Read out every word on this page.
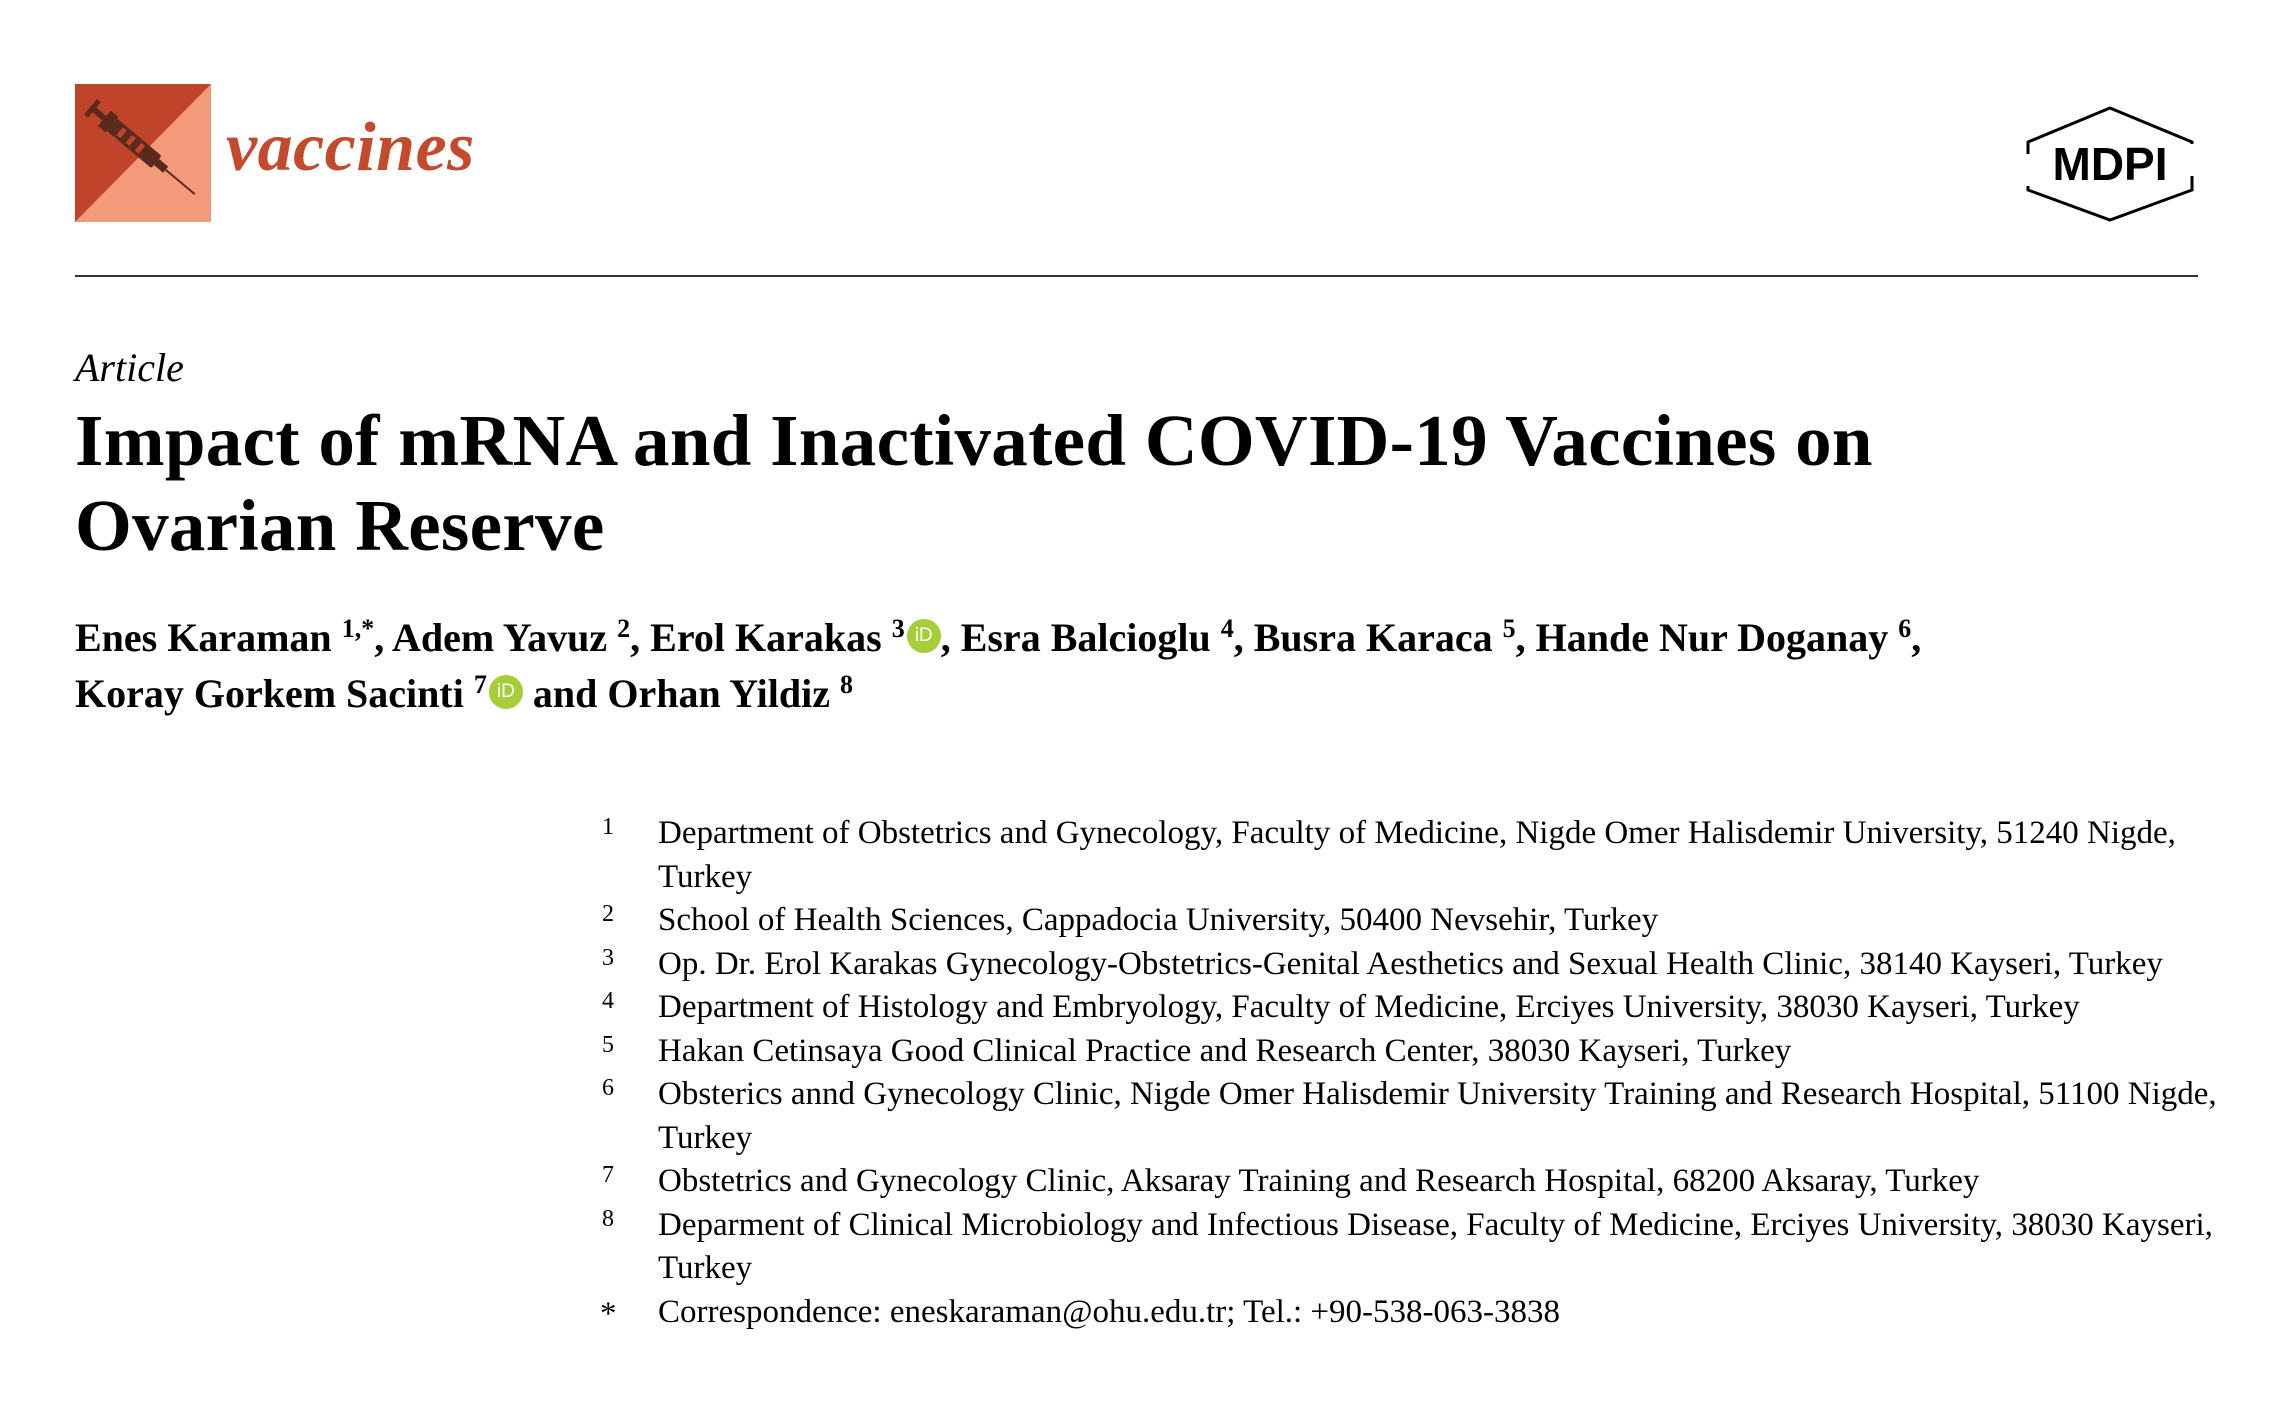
vaccines	MDPI
Article
Impact of mRNA and Inactivated COVID-19 Vaccines on Ovarian Reserve
Enes Karaman $^{1,*}$, Adem Yavuz $^2$, Erol Karakas $^3$ iD , Esra Balcioglu $^4$, Busra Karaca $^5$, Hande Nur Doganay $^6$,
Koray Gorkem Sacinti $^7$ iD and Orhan Yildiz $^8$
1 Department of Obstetrics and Gynecology, Faculty of Medicine, Nigde Omer Halisdemir University, 51240 Nigde, Turkey
2 School of Health Sciences, Cappadocia University, 50400 Nevsehir, Turkey
3 Op. Dr. Erol Karakas Gynecology-Obstetrics-Genital Aesthetics and Sexual Health Clinic, 38140 Kayseri, Turkey
4 Department of Histology and Embryology, Faculty of Medicine, Erciyes University, 38030 Kayseri, Turkey
5 Hakan Cetinsaya Good Clinical Practice and Research Center, 38030 Kayseri, Turkey
6 Obsterics annd Gynecology Clinic, Nigde Omer Halisdemir University Training and Research Hospital, 51100 Nigde, Turkey
7 Obstetrics and Gynecology Clinic, Aksaray Training and Research Hospital, 68200 Aksaray, Turkey
8 Deparment of Clinical Microbiology and Infectious Disease, Faculty of Medicine, Erciyes University, 38030 Kayseri, Turkey
* Correspondence: eneskaraman@ohu.edu.tr; Tel.: +90-538-063-3838
